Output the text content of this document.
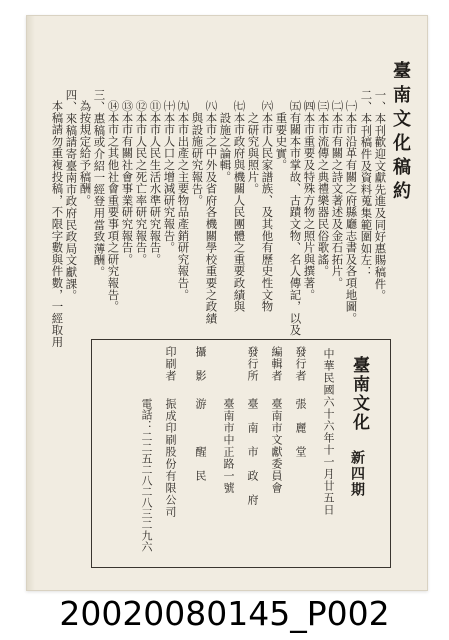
臺南文化稿約
一、本刊歡迎文獻先進及同好惠賜稿件。
二、本刊稿件及資料蒐集範圍如左：
㈠本市沿革有關之府縣廳志書及各項地圖。
㈡本市有關之詩文著述及金石拓片。
㈢本市流傳之典禮樂器民俗歌謠。
㈣本市重要及特殊方物之照片與撰著。
㈤有關本市掌故、古蹟文物、名人傳記，以及
重要史實。
㈥本市人民家譜族、及其他有歷史性文物
之研究與照片。
㈦本市政府與機關人民團體之重要政績與
設施之論輯。
㈧本市之中外及省府各機關學校重要之政績
與設施研究報告。
㈨本市出產之主要物品產銷研究報告。
㈩本市人口之增減研究報告。
⑪本市人民生活水準研究報告。
⑫本市人民之死亡率研究報告。
⑬本市有關社會事業研究報告。
⑭本市之其他社會重要事項之研究報告。
三、惠稿或介紹一經登用當致薄酬。
為按規定給予稿酬。
四、來稿請寄臺南市政府民政局文獻課。
本稿請勿重複投稿，不限字數與件數，一經取用
臺南文化
新四期
中華民國六十六年十一月廿五日
發行者
張　麗　堂
編輯者
臺南市文獻委員會
發行所
臺　南　市　政　府
臺南市中正路一號
攝　影
游　　　醒　民
印刷者
振成印刷股份有限公司
電話：二二五二八二八三二九六
20020080145_P002
